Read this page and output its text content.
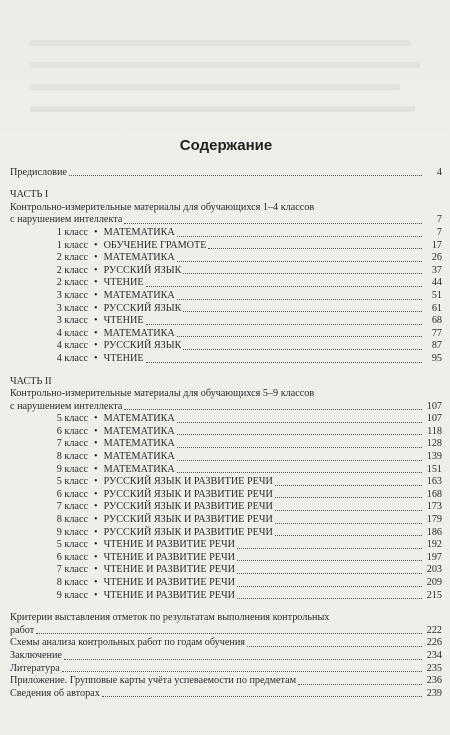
Содержание
Предисловие	4
ЧАСТЬ I
Контрольно-измерительные материалы для обучающихся 1–4 классов
с нарушением интеллекта	7
1 класс • МАТЕМАТИКА	7
1 класс • ОБУЧЕНИЕ ГРАМОТЕ	17
2 класс • МАТЕМАТИКА	26
2 класс • РУССКИЙ ЯЗЫК	37
2 класс • ЧТЕНИЕ	44
3 класс • МАТЕМАТИКА	51
3 класс • РУССКИЙ ЯЗЫК	61
3 класс • ЧТЕНИЕ	68
4 класс • МАТЕМАТИКА	77
4 класс • РУССКИЙ ЯЗЫК	87
4 класс • ЧТЕНИЕ	95
ЧАСТЬ II
Контрольно-измерительные материалы для обучающихся 5–9 классов
с нарушением интеллекта	107
5 класс • МАТЕМАТИКА	107
6 класс • МАТЕМАТИКА	118
7 класс • МАТЕМАТИКА	128
8 класс • МАТЕМАТИКА	139
9 класс • МАТЕМАТИКА	151
5 класс • РУССКИЙ ЯЗЫК И РАЗВИТИЕ РЕЧИ	163
6 класс • РУССКИЙ ЯЗЫК И РАЗВИТИЕ РЕЧИ	168
7 класс • РУССКИЙ ЯЗЫК И РАЗВИТИЕ РЕЧИ	173
8 класс • РУССКИЙ ЯЗЫК И РАЗВИТИЕ РЕЧИ	179
9 класс • РУССКИЙ ЯЗЫК И РАЗВИТИЕ РЕЧИ	186
5 класс • ЧТЕНИЕ И РАЗВИТИЕ РЕЧИ	192
6 класс • ЧТЕНИЕ И РАЗВИТИЕ РЕЧИ	197
7 класс • ЧТЕНИЕ И РАЗВИТИЕ РЕЧИ	203
8 класс • ЧТЕНИЕ И РАЗВИТИЕ РЕЧИ	209
9 класс • ЧТЕНИЕ И РАЗВИТИЕ РЕЧИ	215
Критерии выставления отметок по результатам выполнения контрольных
работ	222
Схемы анализа контрольных работ по годам обучения	226
Заключение	234
Литература	235
Приложение. Групповые карты учёта успеваемости по предметам	236
Сведения об авторах	239
